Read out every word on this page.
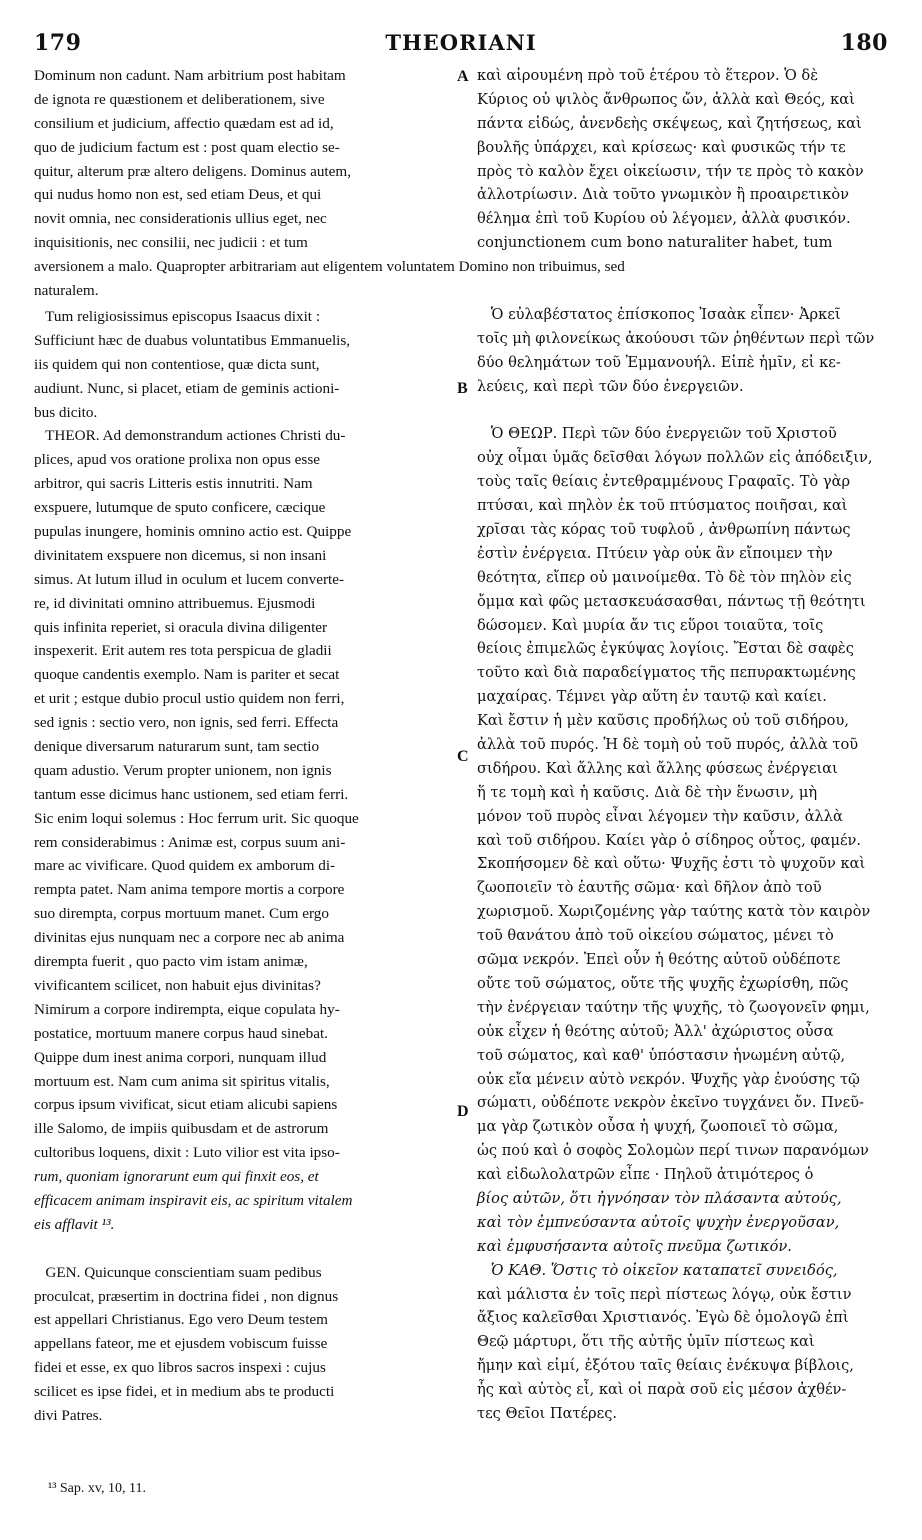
179	THEORIANI	180
Dominum non cadunt. Nam arbitrium post habitam
de ignota re quæstionem et deliberationem, sive
consilium et judicium, affectio quædam est ad id,
quo de judicium factum est : post quam electio se-
quitur, alterum præ altero deligens. Dominus autem,
qui nudus homo non est, sed etiam Deus, et qui
novit omnia, nec considerationis ullius eget, nec
inquisitionis, nec consilii, nec judicii : et tum
καὶ αἰρουμένη πρὸ τοῦ ἑτέρου τὸ ἕτερον. Ὁ δὲ
Κύριος οὐ ψιλὸς ἄνθρωπος ὤν, ἀλλὰ καὶ Θεός, καὶ
πάντα εἰδώς, ἀνενδεὴς σκέψεως, καὶ ζητήσεως, καὶ
βουλῆς ὑπάρχει, καὶ κρίσεως· καὶ φυσικῶς τήν τε
πρὸς τὸ καλὸν ἔχει οἰκείωσιν, τήν τε πρὸς τὸ κακὸν
ἀλλοτρίωσιν. Διὰ τοῦτο γνωμικὸν ἢ προαιρετικὸν
θέλημα ἐπὶ τοῦ Κυρίου οὐ λέγομεν, ἀλλὰ φυσικόν.
conjunctionem cum bono naturaliter habet, tum
aversionem a malo. Quapropter arbitrariam aut eligentem voluntatem Domino non tribuimus, sed
naturalem.
Tum religiosissimus episcopus Isaacus dixit :
Sufficiunt hæc de duabus voluntatibus Emmanuelis,
iis quidem qui non contentiose, quæ dicta sunt,
audiunt. Nunc, si placet, etiam de geminis actioni-
bus dicito.
THEOR. Ad demonstrandum actiones Christi du-
plices, apud vos oratione prolixa non opus esse
arbitror, qui sacris Litteris estis innutriti. Nam
exspuere, lutumque de sputo conficere, cæcique
pupulas inungere, hominis omnino actio est. Quippe
divinitatem exspuere non dicemus, si non insani
simus. At lutum illud in oculum et lucem converte-
re, id divinitati omnino attribuemus. Ejusmodi
quis infinita reperiet, si oracula divina diligenter
inspexerit. Erit autem res tota perspicua de gladii
quoque candentis exemplo. Nam is pariter et secat
et urit ; estque dubio procul ustio quidem non ferri,
sed ignis : sectio vero, non ignis, sed ferri. Effecta
denique diversarum naturarum sunt, tam sectio
quam adustio. Verum propter unionem, non ignis
tantum esse dicimus hanc ustionem, sed etiam ferri.
Sic enim loqui solemus : Hoc ferrum urit. Sic quoque
rem considerabimus : Animæ est, corpus suum ani-
mare ac vivificare. Quod quidem ex amborum di-
rempta patet. Nam anima tempore mortis a corpore
suo dirempta, corpus mortuum manet. Cum ergo
divinitas ejus nunquam nec a corpore nec ab anima
dirempta fuerit , quo pacto vim istam animæ,
vivificantem scilicet, non habuit ejus divinitas?
Nimirum a corpore indirempta, eique copulata hy-
postatice, mortuum manere corpus haud sinebat.
Quippe dum inest anima corpori, nunquam illud
mortuum est. Nam cum anima sit spiritus vitalis,
corpus ipsum vivificat, sicut etiam alicubi sapiens
ille Salomo, de impiis quibusdam et de astrorum
cultoribus loquens, dixit : Luto vilior est vita ipso-
rum, quoniam ignorarunt eum qui finxit eos, et
efficacem animam inspiravit eis, ac spiritum vitalem
eis afflavit ¹³.
GEN. Quicunque conscientiam suam pedibus
proculcat, præsertim in doctrina fidei , non dignus
est appellari Christianus. Ego vero Deum testem
appellans fateor, me et ejusdem vobiscum fuisse
fidei et esse, ex quo libros sacros inspexi : cujus
scilicet es ipse fidei, et in medium abs te producti
divi Patres.
Ὁ εὐλαβέστατος ἐπίσκοπος Ἰσαὰκ εἶπεν· Ἀρκεῖ
τοῖς μὴ φιλονείκως ἀκούουσι τῶν ῥηθέντων περὶ τῶν
δύο θελημάτων τοῦ Ἐμμανουήλ. Εἰπὲ ἡμῖν, εἰ κε-
λεύεις, καὶ περὶ τῶν δύο ἐνεργειῶν.
Ὁ ΘΕΩΡ. Περὶ τῶν δύο ἐνεργειῶν τοῦ Χριστοῦ
οὐχ οἶμαι ὑμᾶς δεῖσθαι λόγων πολλῶν εἰς ἀπόδειξιν,
τοὺς ταῖς θείαις ἐντεθραμμένους Γραφαῖς. Τὸ γὰρ
πτύσαι, καὶ πηλὸν ἐκ τοῦ πτύσματος ποιῆσαι, καὶ
χρῖσαι τὰς κόρας τοῦ τυφλοῦ , ἀνθρωπίνη πάντως
ἐστὶν ἐνέργεια. Πτύειν γὰρ οὐκ ἂν εἴποιμεν τὴν
θεότητα, εἴπερ οὐ μαινοίμεθα. Τὸ δὲ τὸν πηλὸν εἰς
ὄμμα καὶ φῶς μετασκευάσασθαι, πάντως τῇ θεότητι
δώσομεν. Καὶ μυρία ἄν τις εὕροι τοιαῦτα, τοῖς
θείοις ἐπιμελῶς ἐγκύψας λογίοις. Ἔσται δὲ σαφὲς
τοῦτο καὶ διὰ παραδείγματος τῆς πεπυρακτωμένης
μαχαίρας. Τέμνει γὰρ αὕτη ἐν ταυτῷ καὶ καίει.
Καὶ ἔστιν ἡ μὲν καῦσις προδήλως οὐ τοῦ σιδήρου,
ἀλλὰ τοῦ πυρός. Ἡ δὲ τομὴ οὐ τοῦ πυρός, ἀλλὰ τοῦ
σιδήρου. Καὶ ἄλλης καὶ ἄλλης φύσεως ἐνέργειαι
ἥ τε τομὴ καὶ ἡ καῦσις. Διὰ δὲ τὴν ἕνωσιν, μὴ
μόνον τοῦ πυρὸς εἶναι λέγομεν τὴν καῦσιν, ἀλλὰ
καὶ τοῦ σιδήρου. Καίει γὰρ ὁ σίδηρος οὗτος, φαμέν.
Σκοπήσομεν δὲ καὶ οὕτω· Ψυχῆς ἐστι τὸ ψυχοῦν καὶ
ζωοποιεῖν τὸ ἑαυτῆς σῶμα· καὶ δῆλον ἀπὸ τοῦ
χωρισμοῦ. Χωριζομένης γὰρ ταύτης κατὰ τὸν καιρὸν
τοῦ θανάτου ἀπὸ τοῦ οἰκείου σώματος, μένει τὸ
σῶμα νεκρόν. Ἐπεὶ οὖν ἡ θεότης αὐτοῦ οὐδέποτε
οὔτε τοῦ σώματος, οὔτε τῆς ψυχῆς ἐχωρίσθη, πῶς
τὴν ἐνέργειαν ταύτην τῆς ψυχῆς, τὸ ζωογονεῖν φημι,
οὐκ εἶχεν ἡ θεότης αὐτοῦ; Ἀλλ' ἀχώριστος οὖσα
τοῦ σώματος, καὶ καθ' ὑπόστασιν ἡνωμένη αὐτῷ,
οὐκ εἴα μένειν αὐτὸ νεκρόν. Ψυχῆς γὰρ ἐνούσης τῷ
σώματι, οὐδέποτε νεκρὸν ἐκεῖνο τυγχάνει ὄν. Πνεῦ-
μα γὰρ ζωτικὸν οὖσα ἡ ψυχή, ζωοποιεῖ τὸ σῶμα,
ὡς πού καὶ ὁ σοφὸς Σολομὼν περί τινων παρανόμων
καὶ εἰδωλολατρῶν εἶπε · Πηλοῦ ἀτιμότερος ὁ
βίος αὐτῶν, ὅτι ἠγνόησαν τὸν πλάσαντα αὐτούς,
καὶ τὸν ἐμπνεύσαντα αὐτοῖς ψυχὴν ἐνεργοῦσαν,
καὶ ἐμφυσήσαντα αὐτοῖς πνεῦμα ζωτικόν.
Ὁ ΚΑΘ. Ὅστις τὸ οἰκεῖον καταπατεῖ συνειδός,
καὶ μάλιστα ἐν τοῖς περὶ πίστεως λόγῳ, οὐκ ἔστιν
ἄξιος καλεῖσθαι Χριστιανός. Ἐγὼ δὲ ὁμολογῶ ἐπὶ
Θεῷ μάρτυρι, ὅτι τῆς αὐτῆς ὑμῖν πίστεως καὶ
ἤμην καὶ εἰμί, ἐξότου ταῖς θείαις ἐνέκυψα βίβλοις,
ἧς καὶ αὐτὸς εἶ, καὶ οἱ παρὰ σοῦ εἰς μέσον ἀχθέν-
τες Θεῖοι Πατέρες.
A
B
C
D
¹³ Sap. xv, 10, 11.
